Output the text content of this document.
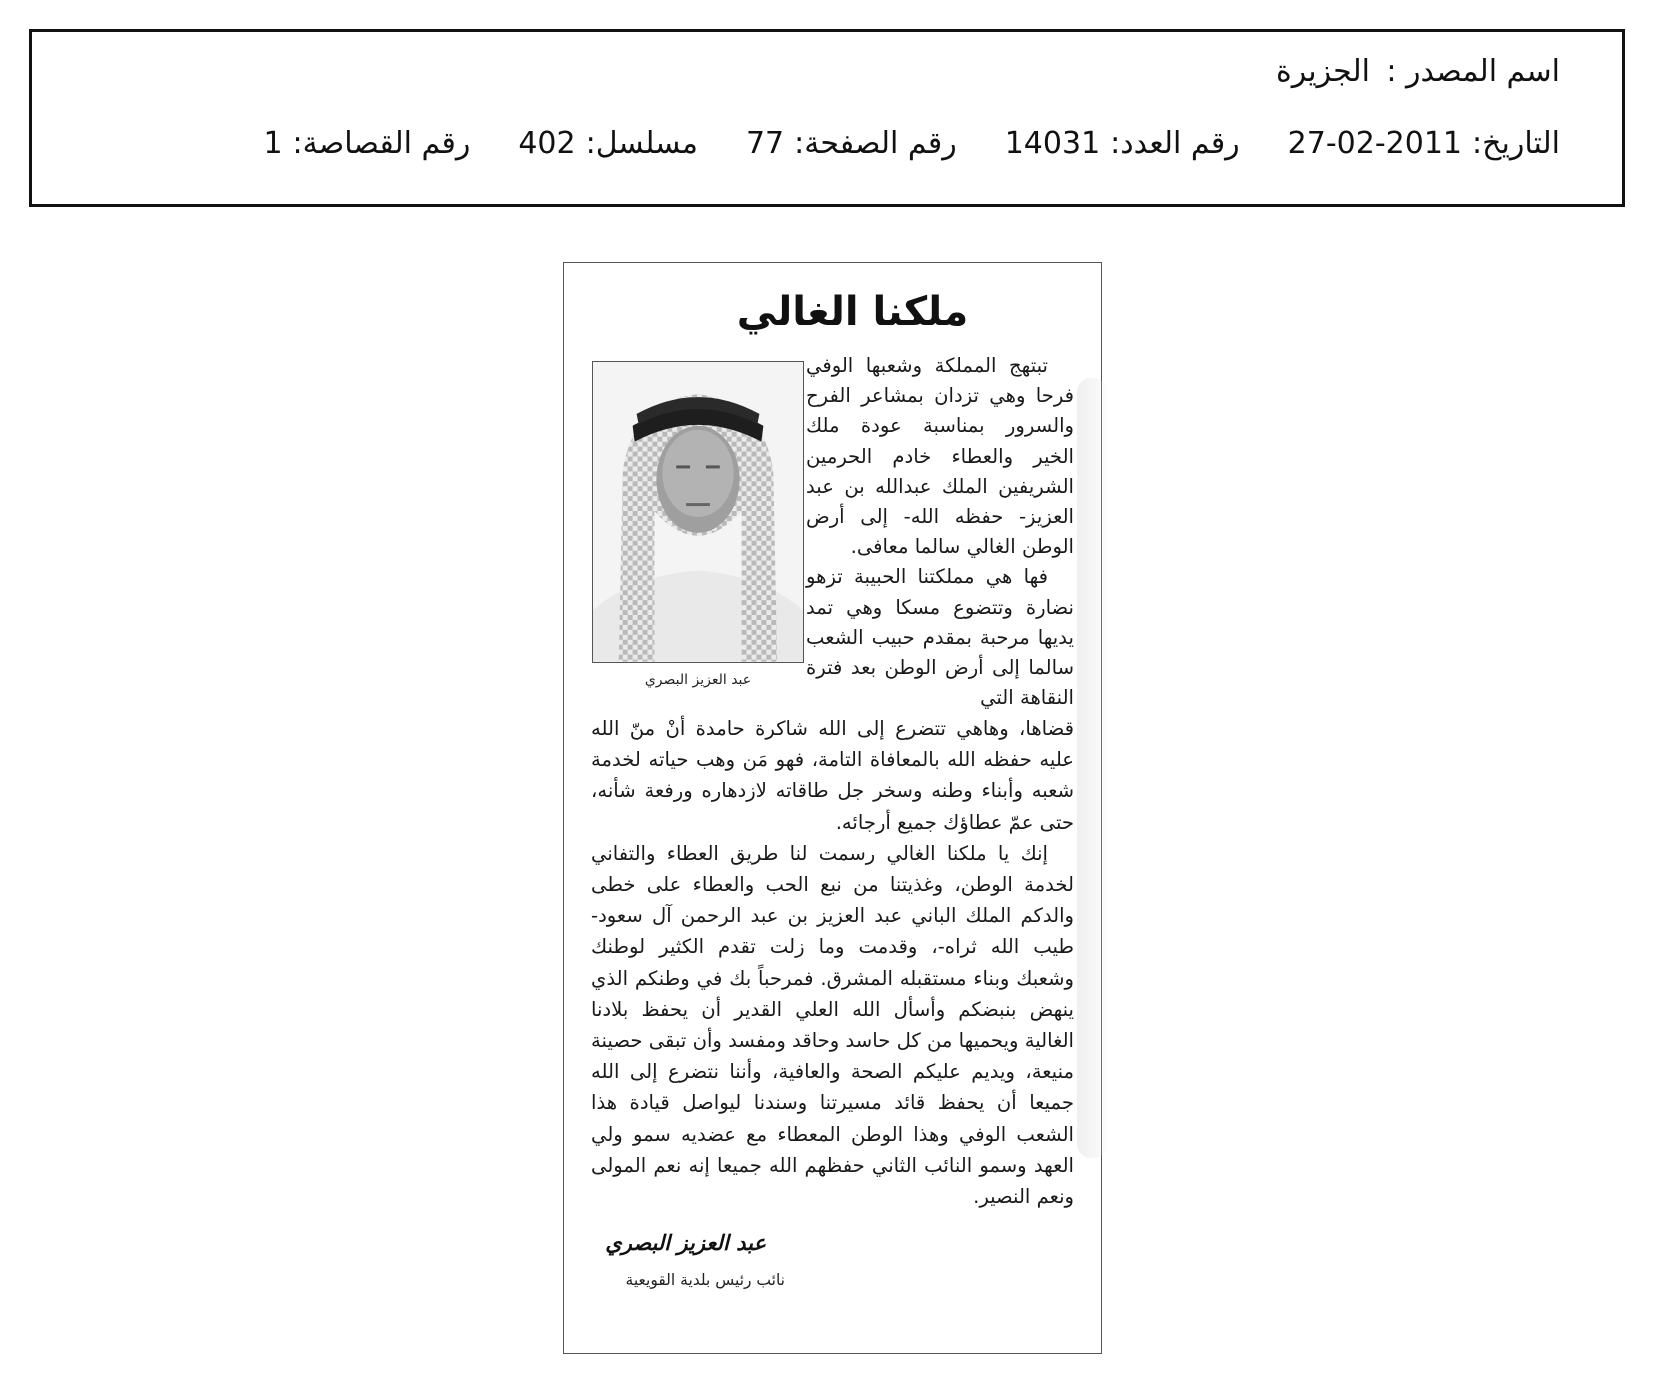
اسم المصدر :
الجزيرة
التاريخ:
27-02-2011
رقم العدد:
14031
رقم الصفحة:
77
مسلسل:
402
رقم القصاصة:
1
ملكنا الغالي
عبد العزيز البصري

تبتهج المملكة وشعبها الوفي فرحا وهي تزدان بمشاعر الفرح والسرور بمناسبة عودة ملك الخير والعطاء خادم الحرمين الشريفين الملك عبدالله بن عبد العزيز- حفظه الله- إلى أرض الوطن الغالي سالما معافى.

فها هي مملكتنا الحبيبة تزهو نضارة وتتضوع مسكا وهي تمد يديها مرحبة بمقدم حبيب الشعب سالما إلى أرض الوطن بعد فترة النقاهة التي

قضاها، وهاهي تتضرع إلى الله شاكرة حامدة أنْ منّ الله عليه حفظه الله بالمعافاة التامة، فهو مَن وهب حياته لخدمة شعبه وأبناء وطنه وسخر جل طاقاته لازدهاره ورفعة شأنه، حتى عمّ عطاؤك جميع أرجائه.

إنك يا ملكنا الغالي رسمت لنا طريق العطاء والتفاني لخدمة الوطن، وغذيتنا من نبع الحب والعطاء على خطى والدكم الملك الباني عبد العزيز بن عبد الرحمن آل سعود- طيب الله ثراه-، وقدمت وما زلت تقدم الكثير لوطنك وشعبك وبناء مستقبله المشرق. فمرحباً بك في وطنكم الذي ينهض بنبضكم وأسأل الله العلي القدير أن يحفظ بلادنا الغالية ويحميها من كل حاسد وحاقد ومفسد وأن تبقى حصينة منيعة، ويديم عليكم الصحة والعافية، وأننا نتضرع إلى الله جميعا أن يحفظ قائد مسيرتنا وسندنا ليواصل قيادة هذا الشعب الوفي وهذا الوطن المعطاء مع عضديه سمو ولي العهد وسمو النائب الثاني حفظهم الله جميعا إنه نعم المولى ونعم النصير.

عبد العزيز البصري
نائب رئيس بلدية القويعية
